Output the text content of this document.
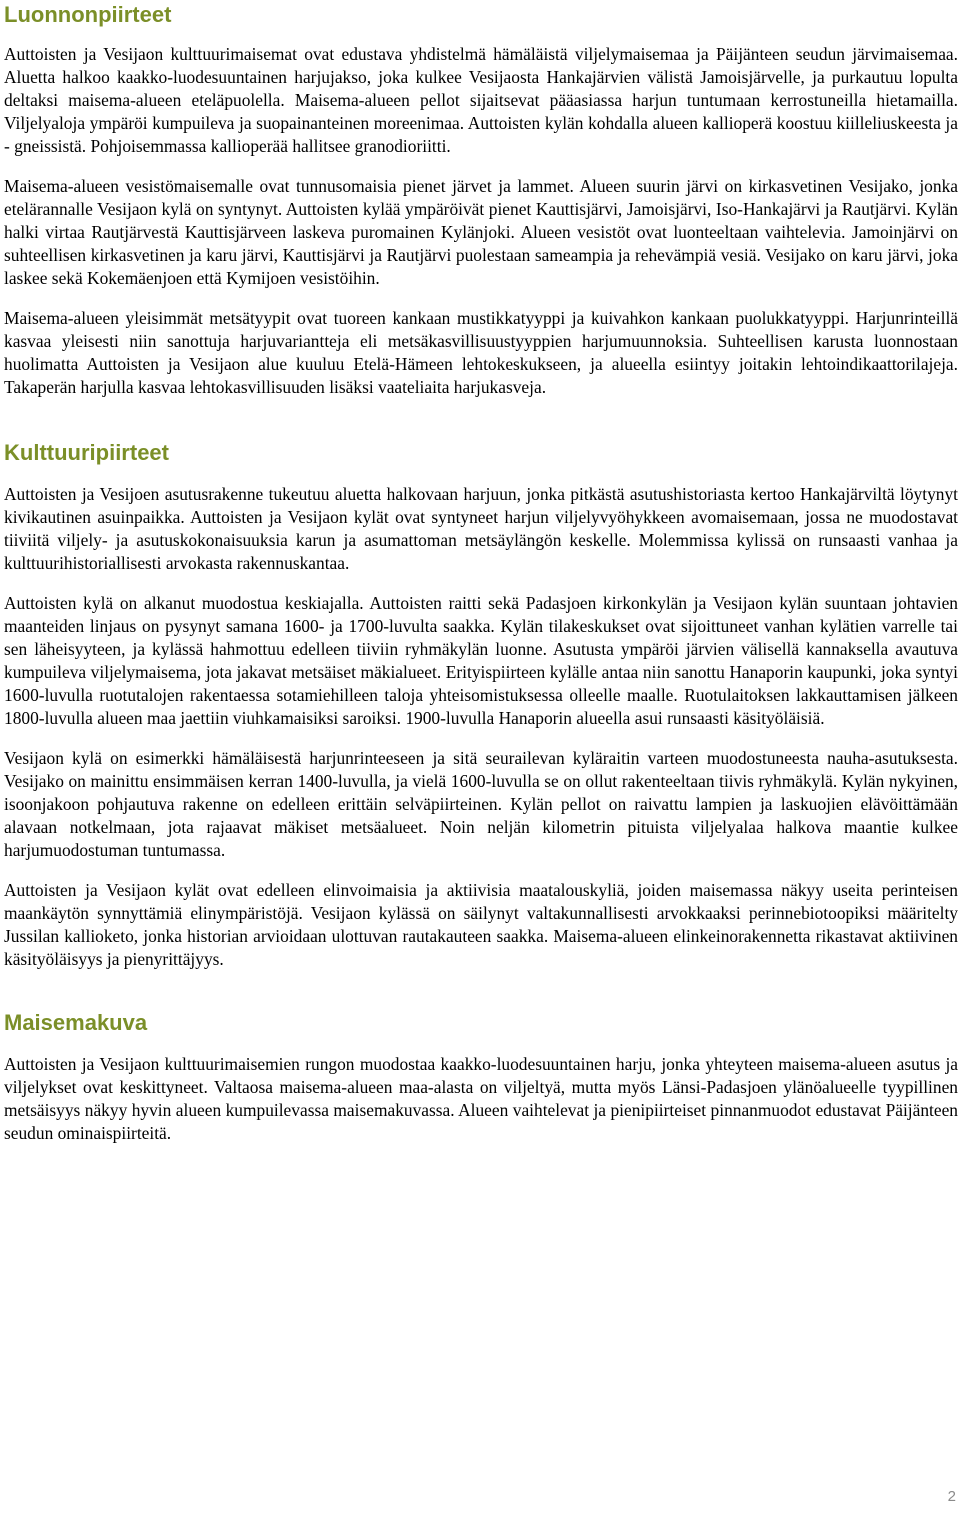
Luonnonpiirteet

Auttoisten ja Vesijaon kulttuurimaisemat ovat edustava yhdistelmä hämäläistä viljelymaisemaa ja Päijänteen seudun järvimaisemaa. Aluetta halkoo kaakko-luodesuuntainen harjujakso, joka kulkee Vesijaosta Hankajärvien välistä Jamoisjärvelle, ja purkautuu lopulta deltaksi maisema-alueen eteläpuolella. Maisema-alueen pellot sijaitsevat pääasiassa harjun tuntumaan kerrostuneilla hietamailla. Viljelyaloja ympäröi kumpuileva ja suopainanteinen moreenimaa. Auttoisten kylän kohdalla alueen kallioperä koostuu kiilleliuskeesta ja - gneissistä. Pohjoisemmassa kallioperää hallitsee granodioriitti.

Maisema-alueen vesistömaisemalle ovat tunnusomaisia pienet järvet ja lammet. Alueen suurin järvi on kirkasvetinen Vesijako, jonka etelärannalle Vesijaon kylä on syntynyt. Auttoisten kylää ympäröivät pienet Kauttisjärvi, Jamoisjärvi, Iso-Hankajärvi ja Rautjärvi. Kylän halki virtaa Rautjärvestä Kauttisjärveen laskeva puromainen Kylänjoki. Alueen vesistöt ovat luonteeltaan vaihtelevia. Jamoinjärvi on suhteellisen kirkasvetinen ja karu järvi, Kauttisjärvi ja Rautjärvi puolestaan sameampia ja rehevämpiä vesiä. Vesijako on karu järvi, joka laskee sekä Kokemäenjoen että Kymijoen vesistöihin.

Maisema-alueen yleisimmät metsätyypit ovat tuoreen kankaan mustikkatyyppi ja kuivahkon kankaan puolukkatyyppi. Harjunrinteillä kasvaa yleisesti niin sanottuja harjuvariantteja eli metsäkasvillisuustyyppien harjumuunnoksia. Suhteellisen karusta luonnostaan huolimatta Auttoisten ja Vesijaon alue kuuluu Etelä-Hämeen lehtokeskukseen, ja alueella esiintyy joitakin lehtoindikaattorilajeja. Takaperän harjulla kasvaa lehtokasvillisuuden lisäksi vaateliaita harjukasveja.

Kulttuuripiirteet

Auttoisten ja Vesijoen asutusrakenne tukeutuu aluetta halkovaan harjuun, jonka pitkästä asutushistoriasta kertoo Hankajärviltä löytynyt kivikautinen asuinpaikka. Auttoisten ja Vesijaon kylät ovat syntyneet harjun viljelyvyöhykkeen avomaisemaan, jossa ne muodostavat tiiviitä viljely- ja asutuskokonaisuuksia karun ja asumattoman metsäylängön keskelle. Molemmissa kylissä on runsaasti vanhaa ja kulttuurihistoriallisesti arvokasta rakennuskantaa.

Auttoisten kylä on alkanut muodostua keskiajalla. Auttoisten raitti sekä Padasjoen kirkonkylän ja Vesijaon kylän suuntaan johtavien maanteiden linjaus on pysynyt samana 1600- ja 1700-luvulta saakka. Kylän tilakeskukset ovat sijoittuneet vanhan kylätien varrelle tai sen läheisyyteen, ja kylässä hahmottuu edelleen tiiviin ryhmäkylän luonne. Asutusta ympäröi järvien välisellä kannaksella avautuva kumpuileva viljelymaisema, jota jakavat metsäiset mäkialueet. Erityispiirteen kylälle antaa niin sanottu Hanaporin kaupunki, joka syntyi 1600-luvulla ruotutalojen rakentaessa sotamiehilleen taloja yhteisomistuksessa olleelle maalle. Ruotulaitoksen lakkauttamisen jälkeen 1800-luvulla alueen maa jaettiin viuhkamaisiksi saroiksi. 1900-luvulla Hanaporin alueella asui runsaasti käsityöläisiä.

Vesijaon kylä on esimerkki hämäläisestä harjunrinteeseen ja sitä seurailevan kyläraitin varteen muodostuneesta nauha-asutuksesta. Vesijako on mainittu ensimmäisen kerran 1400-luvulla, ja vielä 1600-luvulla se on ollut rakenteeltaan tiivis ryhmäkylä. Kylän nykyinen, isoonjakoon pohjautuva rakenne on edelleen erittäin selväpiirteinen. Kylän pellot on raivattu lampien ja laskuojien elävöittämään alavaan notkelmaan, jota rajaavat mäkiset metsäalueet. Noin neljän kilometrin pituista viljelyalaa halkova maantie kulkee harjumuodostuman tuntumassa.

Auttoisten ja Vesijaon kylät ovat edelleen elinvoimaisia ja aktiivisia maatalouskyliä, joiden maisemassa näkyy useita perinteisen maankäytön synnyttämiä elinympäristöjä. Vesijaon kylässä on säilynyt valtakunnallisesti arvokkaaksi perinnebiotoopiksi määritelty Jussilan kallioketo, jonka historian arvioidaan ulottuvan rautakauteen saakka. Maisema-alueen elinkeinorakennetta rikastavat aktiivinen käsityöläisyys ja pienyrittäjyys.

Maisemakuva

Auttoisten ja Vesijaon kulttuurimaisemien rungon muodostaa kaakko-luodesuuntainen harju, jonka yhteyteen maisema-alueen asutus ja viljelykset ovat keskittyneet. Valtaosa maisema-alueen maa-alasta on viljeltyä, mutta myös Länsi-Padasjoen ylänöalueelle tyypillinen metsäisyys näkyy hyvin alueen kumpuilevassa maisemakuvassa. Alueen vaihtelevat ja pienipiirteiset pinnanmuodot edustavat Päijänteen seudun ominaispiirteitä.

2
